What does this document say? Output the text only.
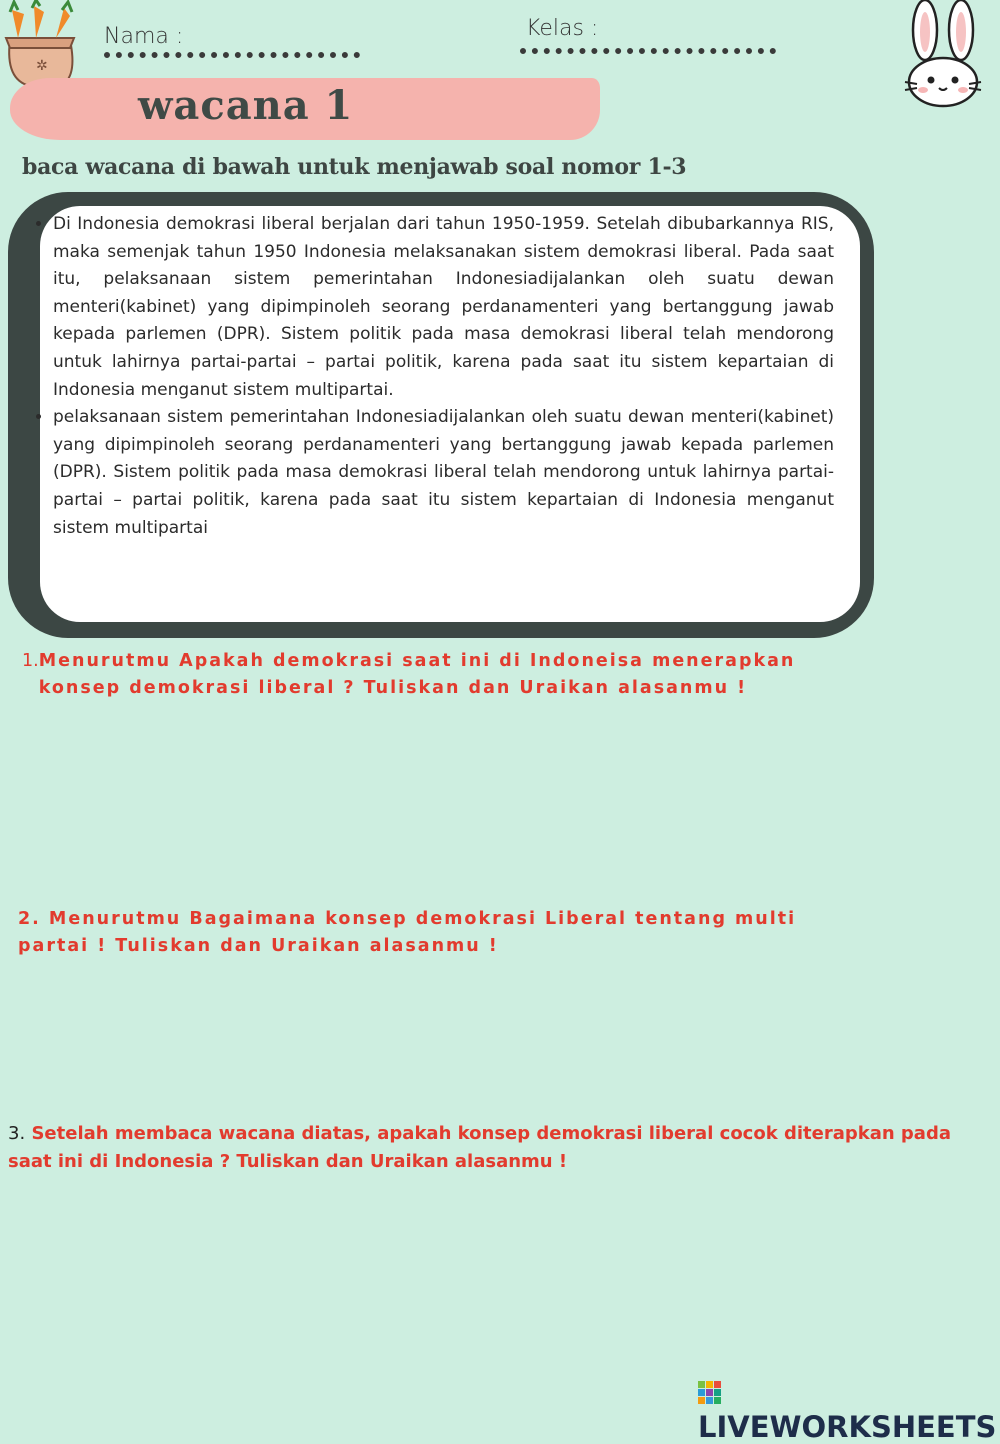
✲
Nama :	Kelas :
wacana 1
baca wacana di bawah untuk menjawab soal nomor 1-3
• Di Indonesia demokrasi liberal berjalan dari tahun 1950-1959. Setelah dibubarkannya RIS, maka semenjak tahun 1950 Indonesia melaksanakan sistem demokrasi liberal. Pada saat itu, pelaksanaan sistem pemerintahan Indonesiadijalankan oleh suatu dewan menteri(kabinet) yang dipimpinoleh seorang perdanamenteri yang bertanggung jawab kepada parlemen (DPR). Sistem politik pada masa demokrasi liberal telah mendorong untuk lahirnya partai-partai – partai politik, karena pada saat itu sistem kepartaian di Indonesia menganut sistem multipartai.
• pelaksanaan sistem pemerintahan Indonesiadijalankan oleh suatu dewan menteri(kabinet) yang dipimpinoleh seorang perdanamenteri yang bertanggung jawab kepada parlemen (DPR). Sistem politik pada masa demokrasi liberal telah mendorong untuk lahirnya partai-partai – partai politik, karena pada saat itu sistem kepartaian di Indonesia menganut sistem multipartai
1. Menurutmu Apakah demokrasi saat ini di Indoneisa menerapkan konsep demokrasi liberal ? Tuliskan dan Uraikan alasanmu !
2. Menurutmu Bagaimana konsep demokrasi Liberal tentang multi partai ! Tuliskan dan Uraikan alasanmu !
3. Setelah membaca wacana diatas, apakah konsep demokrasi liberal cocok diterapkan pada saat ini di Indonesia ? Tuliskan dan Uraikan alasanmu !
LIVEWORKSHEETS
